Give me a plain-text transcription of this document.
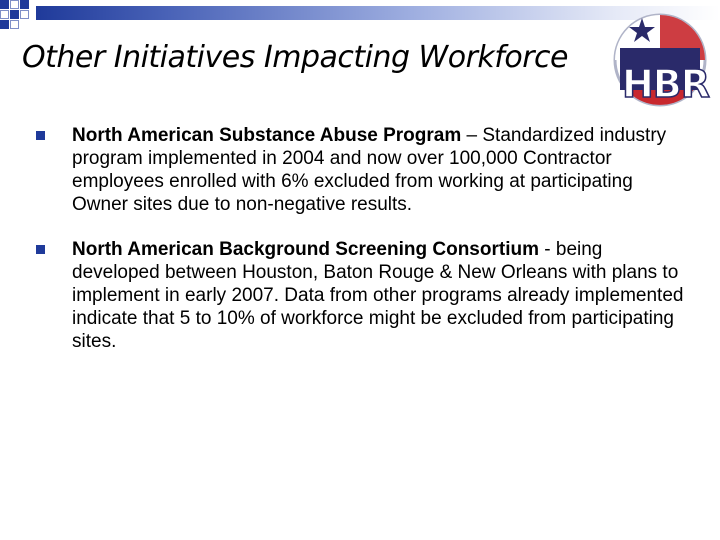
Other Initiatives Impacting Workforce
HBR
North American Substance Abuse Program – Standardized industry program implemented in 2004 and now over 100,000 Contractor employees enrolled with 6% excluded from working at participating Owner sites due to non-negative results.
North American Background Screening Consortium - being developed between Houston, Baton Rouge & New Orleans with plans to implement in early 2007. Data from other programs already implemented indicate that 5 to 10% of workforce might be excluded from participating sites.
